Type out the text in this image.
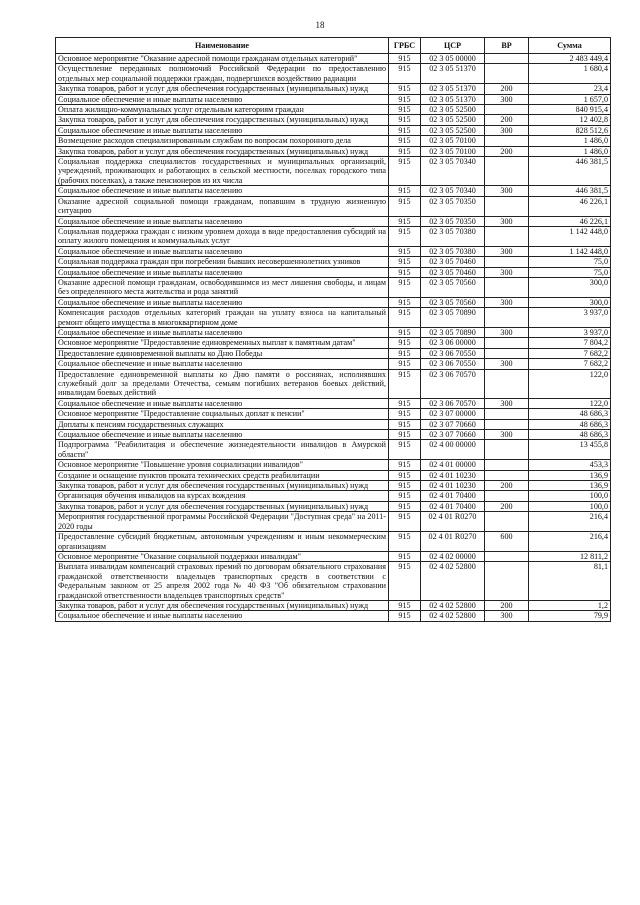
18
Наименование	ГРБС	ЦСР	ВР	Сумма
Основное мероприятие "Оказание адресной помощи гражданам отдельных категорий"	915	02 3 05 00000		2 483 449,4
Осуществление переданных полномочий Российской Федерации по предоставлению отдельных мер социальной поддержки граждан, подвергшихся воздействию радиации	915	02 3 05 51370		1 680,4
Закупка товаров, работ и услуг для обеспечения государственных (муниципальных) нужд	915	02 3 05 51370	200	23,4
Социальное обеспечение и иные выплаты населению	915	02 3 05 51370	300	1 657,0
Оплата жилищно-коммунальных услуг отдельным категориям граждан	915	02 3 05 52500		840 915,4
Закупка товаров, работ и услуг для обеспечения государственных (муниципальных) нужд	915	02 3 05 52500	200	12 402,8
Социальное обеспечение и иные выплаты населению	915	02 3 05 52500	300	828 512,6
Возмещение расходов специализированным службам по вопросам похоронного дела	915	02 3 05 70100		1 486,0
Закупка товаров, работ и услуг для обеспечения государственных (муниципальных) нужд	915	02 3 05 70100	200	1 486,0
Социальная поддержка специалистов государственных и муниципальных организаций, учреждений, проживающих и работающих в сельской местности, поселках городского типа (рабочих поселках), а также пенсионеров из их числа	915	02 3 05 70340		446 381,5
Социальное обеспечение и иные выплаты населению	915	02 3 05 70340	300	446 381,5
Оказание адресной социальной помощи гражданам, попавшим в трудную жизненную ситуацию	915	02 3 05 70350		46 226,1
Социальное обеспечение и иные выплаты населению	915	02 3 05 70350	300	46 226,1
Социальная поддержка граждан с низким уровнем дохода в виде предоставления субсидий на оплату жилого помещения и коммунальных услуг	915	02 3 05 70380		1 142 448,0
Социальное обеспечение и иные выплаты населению	915	02 3 05 70380	300	1 142 448,0
Социальная поддержка граждан при погребении бывших несовершеннолетних узников	915	02 3 05 70460		75,0
Социальное обеспечение и иные выплаты населению	915	02 3 05 70460	300	75,0
Оказание адресной помощи гражданам, освободившимся из мест лишения свободы, и лицам без определенного места жительства и рода занятий	915	02 3 05 70560		300,0
Социальное обеспечение и иные выплаты населению	915	02 3 05 70560	300	300,0
Компенсация расходов отдельных категорий граждан на уплату взноса на капитальный ремонт общего имущества в многоквартирном доме	915	02 3 05 70890		3 937,0
Социальное обеспечение и иные выплаты населению	915	02 3 05 70890	300	3 937,0
Основное мероприятие "Предоставление единовременных выплат к памятным датам"	915	02 3 06 00000		7 804,2
Предоставление единовременной выплаты ко Дню Победы	915	02 3 06 70550		7 682,2
Социальное обеспечение и иные выплаты населению	915	02 3 06 70550	300	7 682,2
Предоставление единовременной выплаты ко Дню памяти о россиянах, исполнявших служебный долг за пределами Отечества, семьям погибших ветеранов боевых действий, инвалидам боевых действий	915	02 3 06 70570		122,0
Социальное обеспечение и иные выплаты населению	915	02 3 06 70570	300	122,0
Основное мероприятие "Предоставление социальных доплат к пенсии"	915	02 3 07 00000		48 686,3
Доплаты к пенсиям государственных служащих	915	02 3 07 70660		48 686,3
Социальное обеспечение и иные выплаты населению	915	02 3 07 70660	300	48 686,3
Подпрограмма "Реабилитация и обеспечение жизнедеятельности инвалидов в Амурской области"	915	02 4 00 00000		13 455,8
Основное мероприятие "Повышение уровня социализации инвалидов"	915	02 4 01 00000		453,3
Создание и оснащение пунктов проката технических средств реабилитации	915	02 4 01 10230		136,9
Закупка товаров, работ и услуг для обеспечения государственных (муниципальных) нужд	915	02 4 01 10230	200	136,9
Организация обучения инвалидов на курсах вождения	915	02 4 01 70400		100,0
Закупка товаров, работ и услуг для обеспечения государственных (муниципальных) нужд	915	02 4 01 70400	200	100,0
Мероприятия государственной программы Российской Федерации "Доступная среда" на 2011-2020 годы	915	02 4 01 R0270		216,4
Предоставление субсидий бюджетным, автономным учреждениям и иным некоммерческим организациям	915	02 4 01 R0270	600	216,4
Основное мероприятие "Оказание социальной поддержки инвалидам"	915	02 4 02 00000		12 811,2
Выплата инвалидам компенсаций страховых премий по договорам обязательного страхования гражданской ответственности владельцев транспортных средств в соответствии с Федеральным законом от 25 апреля 2002 года № 40 ФЗ "Об обязательном страховании гражданской ответственности владельцев транспортных средств"	915	02 4 02 52800		81,1
Закупка товаров, работ и услуг для обеспечения государственных (муниципальных) нужд	915	02 4 02 52800	200	1,2
Социальное обеспечение и иные выплаты населению	915	02 4 02 52800	300	79,9
